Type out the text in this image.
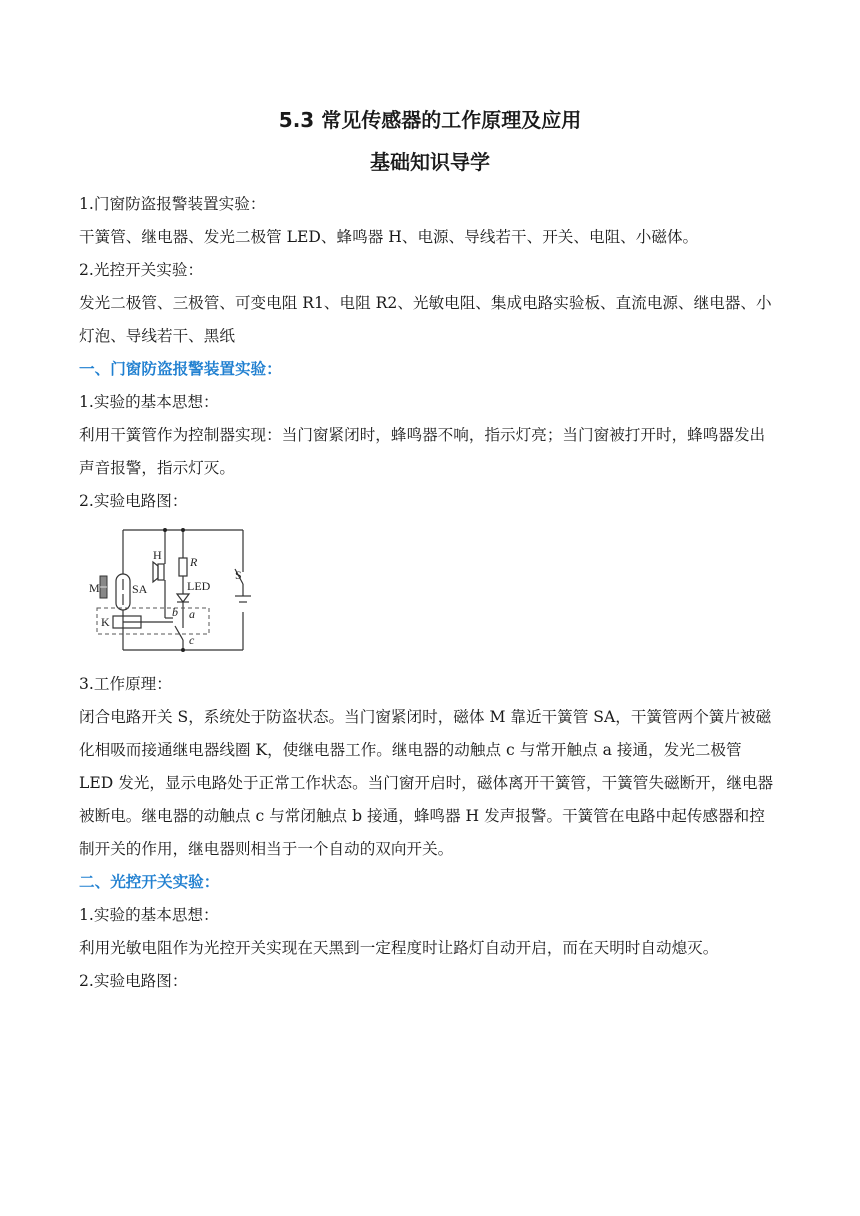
5.3 常见传感器的工作原理及应用
基础知识导学

1.门窗防盗报警装置实验：

干簧管、继电器、发光二极管 LED、蜂鸣器 H、电源、导线若干、开关、电阻、小磁体。

2.光控开关实验：

发光二极管、三极管、可变电阻 R1、电阻 R2、光敏电阻、集成电路实验板、直流电源、继电器、小灯泡、导线若干、黑纸

一、门窗防盗报警装置实验：

1.实验的基本思想：

利用干簧管作为控制器实现：当门窗紧闭时，蜂鸣器不响，指示灯亮；当门窗被打开时，蜂鸣器发出声音报警，指示灯灭。

2.实验电路图：

M	SA
H R
LED
S
K
a
b
c

3.工作原理：

闭合电路开关 S，系统处于防盗状态。当门窗紧闭时，磁体 M 靠近干簧管 SA，干簧管两个簧片被磁化相吸而接通继电器线圈 K，使继电器工作。继电器的动触点 c 与常开触点 a 接通，发光二极管 LED 发光，显示电路处于正常工作状态。当门窗开启时，磁体离开干簧管，干簧管失磁断开，继电器被断电。继电器的动触点 c 与常闭触点 b 接通，蜂鸣器 H 发声报警。干簧管在电路中起传感器和控制开关的作用，继电器则相当于一个自动的双向开关。

二、光控开关实验：

1.实验的基本思想：

利用光敏电阻作为光控开关实现在天黑到一定程度时让路灯自动开启，而在天明时自动熄灭。

2.实验电路图：
